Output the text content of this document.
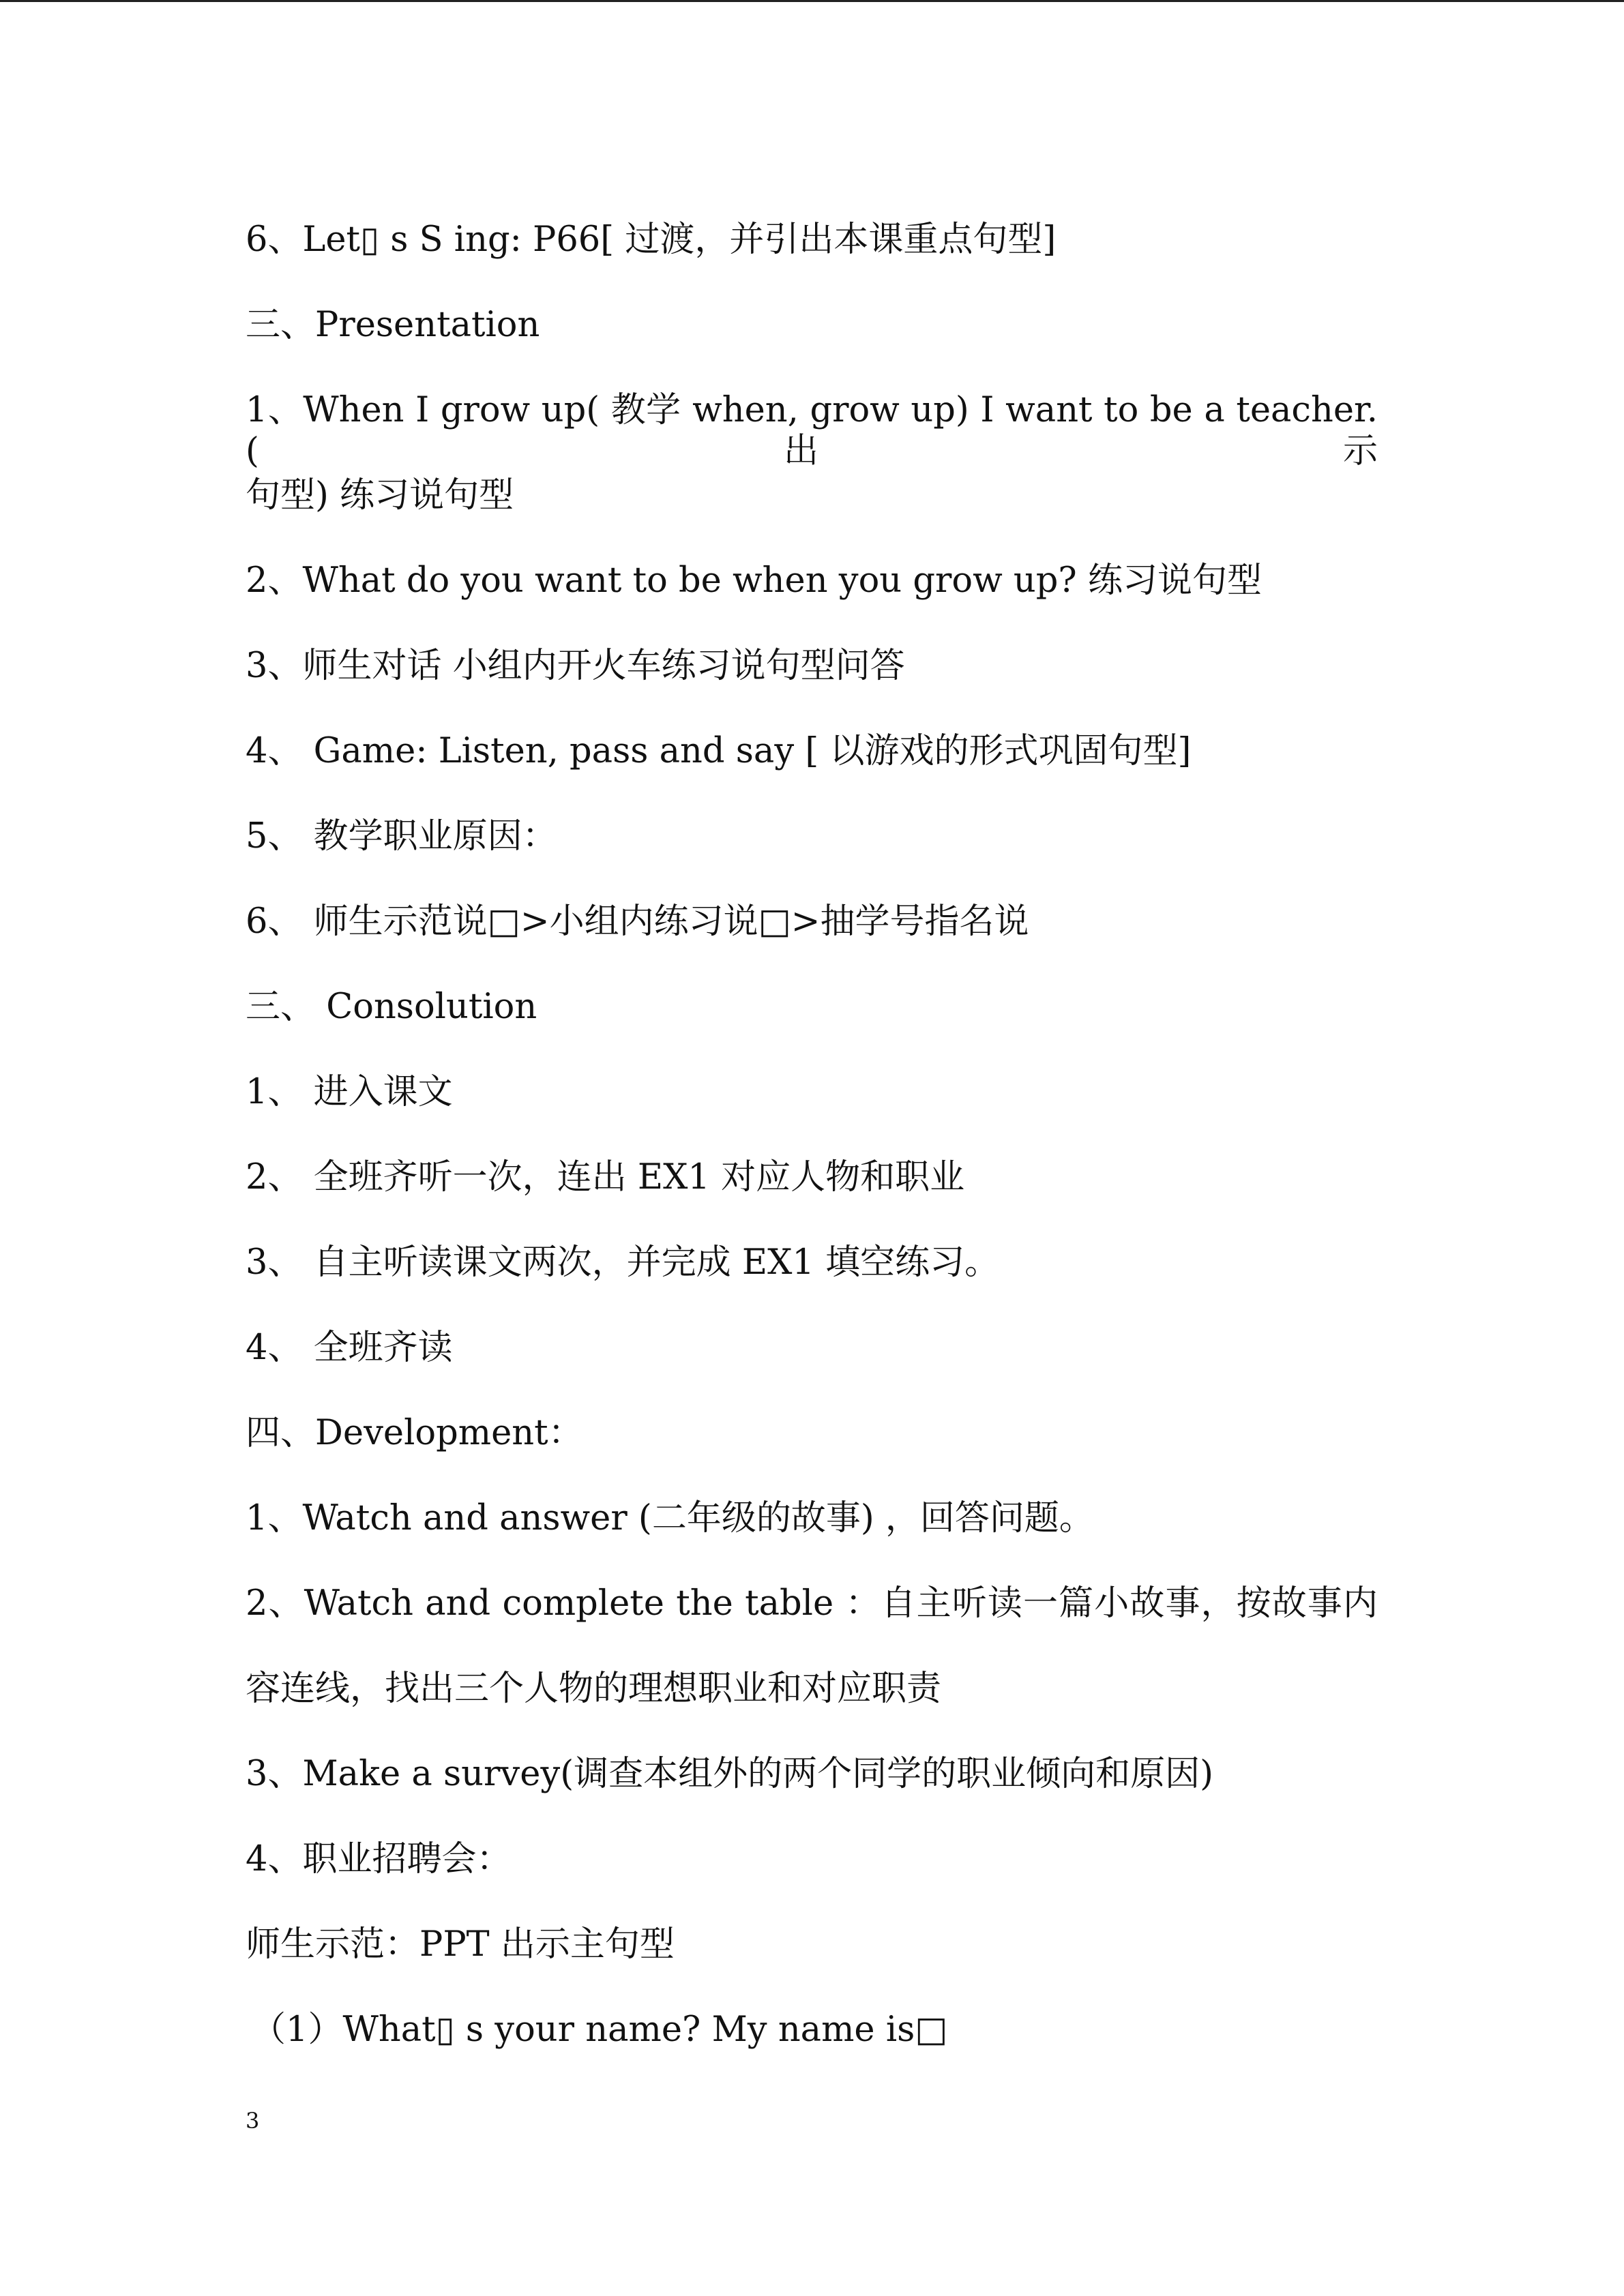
6、Let▯ s S ing: P66[ 过渡，并引出本课重点句型]
三、Presentation
1、When I grow up( 教学 when, grow up) I want to be a teacher.(出示
句型) 练习说句型
2、What do you want to be when you grow up? 练习说句型
3、师生对话 小组内开火车练习说句型问答
4、 Game: Listen, pass and say [ 以游戏的形式巩固句型]
5、 教学职业原因：
6、 师生示范说□>小组内练习说□>抽学号指名说
三、 Consolution
1、 进入课文
2、 全班齐听一次，连出 EX1 对应人物和职业
3、 自主听读课文两次，并完成 EX1 填空练习。
4、 全班齐读
四、Development：
1、Watch and answer (二年级的故事) ，回答问题。
2、Watch and complete the table ：自主听读一篇小故事，按故事内
容连线，找出三个人物的理想职业和对应职责
3、Make a survey(调查本组外的两个同学的职业倾向和原因)
4、职业招聘会：
师生示范：PPT 出示主句型
（1）What▯ s your name? My name is□
3
